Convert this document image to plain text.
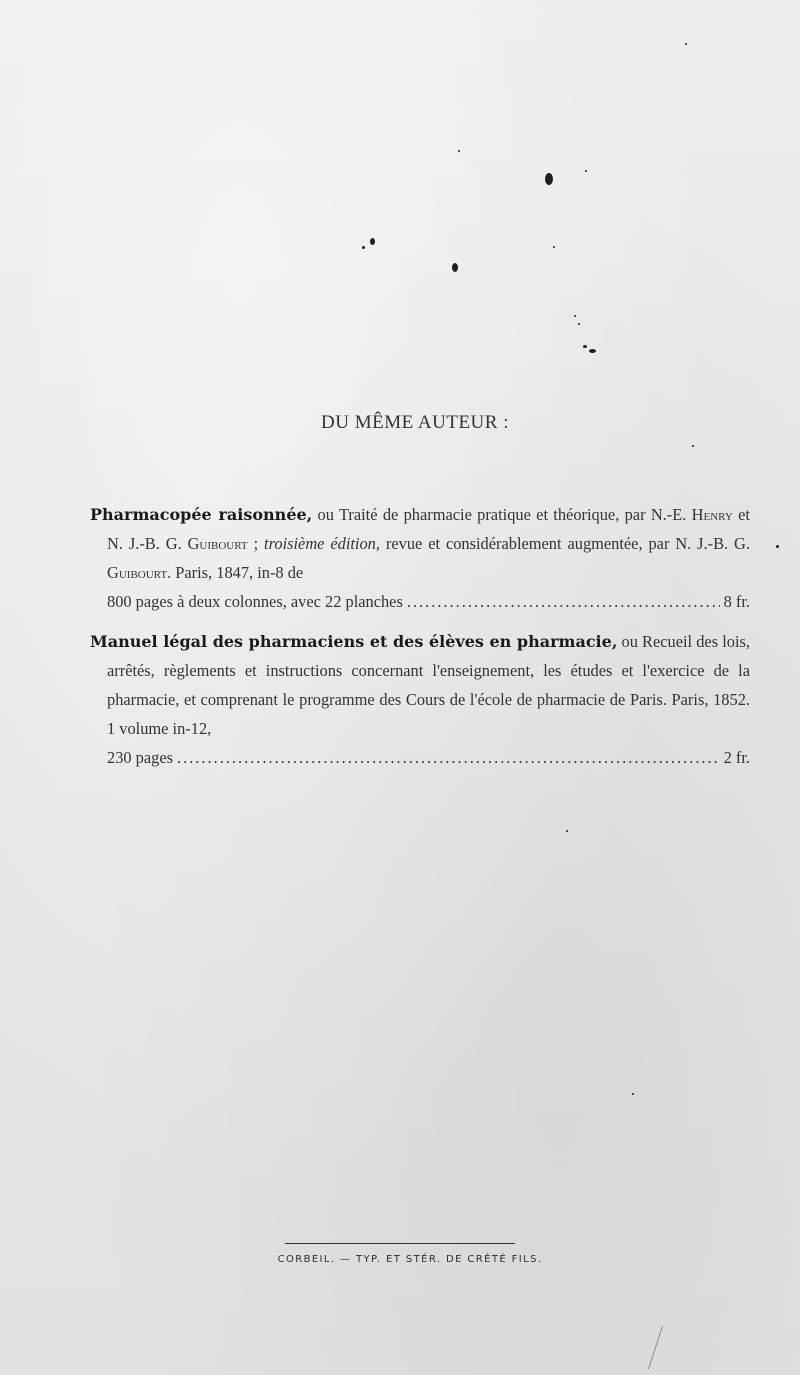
DU MÊME AUTEUR :

Pharmacopée raisonnée, ou Traité de pharmacie pratique et théorique, par N.-E. Henry et N. J.-B. G. Guibourt ; troisième édition, revue et considérablement augmentée, par N. J.-B. G. Guibourt. Paris, 1847, in-8 de

800 pages à deux colonnes, avec 22 planches .....	8 fr.

Manuel légal des pharmaciens et des élèves en pharmacie, ou Recueil des lois, arrêtés, règlements et instructions concernant l'enseignement, les études et l'exercice de la pharmacie, et comprenant le programme des Cours de l'école de pharmacie de Paris. Paris, 1852. 1 volume in-12,

230 pages .....	2 fr.
CORBEIL. — TYP. ET STÉR. DE CRÉTÉ FILS.
